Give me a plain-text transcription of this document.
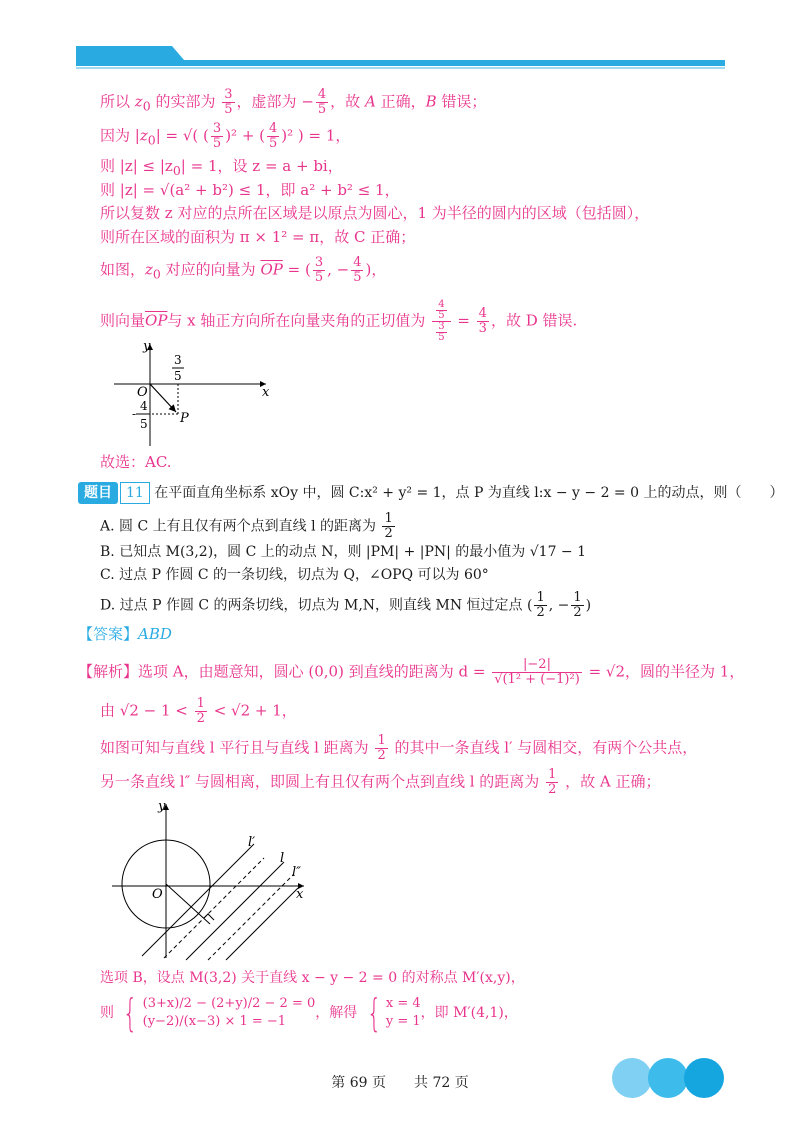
所以 $z_0$ 的实部为 $\frac{3}{5}$ ，虚部为 − $\frac{4}{5}$ ，故 A 正确，B 错误；
因为 $|z_0|$ = √( ( $\frac{3}{5} )^2$ + ( $\frac{4}{5} )^2$ ) = 1，
则 $|z| \le |z_0| = 1$，设 z = a + bi，
则 |z| = √(a² + b²) ≤ 1，即 a² + b² ≤ 1，
所以复数 z 对应的点所在区域是以原点为圆心，1 为半径的圆内的区域（包括圆），
则所在区域的面积为 π × 1² = π，故 C 正确；
如图，$z_0$ 对应的向量为 $\overline{OP}$ = ( $\frac{3}{5}$ , − $\frac{4}{5}$ )，
则向量$\overline{OP}$与 x 轴正方向所在向量夹角的正切值为 $\frac{\frac{4}{5}}{\frac{3}{5}} = \frac{4}{3}$ ，故 D 错误.
y
x
O
P
3
5
-
4
5
故选：AC.
题目 11 在平面直角坐标系 xOy 中，圆 C:x² + y² = 1，点 P 为直线 l:x − y − 2 = 0 上的动点，则（　　）
A. 圆 C 上有且仅有两个点到直线 l 的距离为 $\frac{1}{2}$
B. 已知点 M(3,2)，圆 C 上的动点 N，则 |PM| + |PN| 的最小值为 √17 − 1
C. 过点 P 作圆 C 的一条切线，切点为 Q，∠OPQ 可以为 60°
D. 过点 P 作圆 C 的两条切线，切点为 M,N，则直线 MN 恒过定点 ( $\frac{1}{2}$ , − $\frac{1}{2}$ )
【答案】ABD
【解析】选项 A，由题意知，圆心 (0,0) 到直线的距离为 $d = \frac{|-2|}{\text{√(1² + (−1)²)}} = √2$，圆的半径为 1，
由 $√2 - 1 < \frac{1}{2} < √2 + 1$，
如图可知与直线 l 平行且与直线 l 距离为 $\frac{1}{2}$ 的其中一条直线 l′ 与圆相交，有两个公共点，
另一条直线 l″ 与圆相离，即圆上有且仅有两个点到直线 l 的距离为 $\frac{1}{2}$ ，故 A 正确；
y
x
O
l′
l
l″
选项 B，设点 M(3,2) 关于直线 x − y − 2 = 0 的对称点 M′(x,y)，
则 { (3+x)/2 − (2+y)/2 − 2 = 0
(y−2)/(x−3) × 1 = −1
，解得 { x = 4
y = 1
，即 M′(4,1)，
第 69 页　　共 72 页
